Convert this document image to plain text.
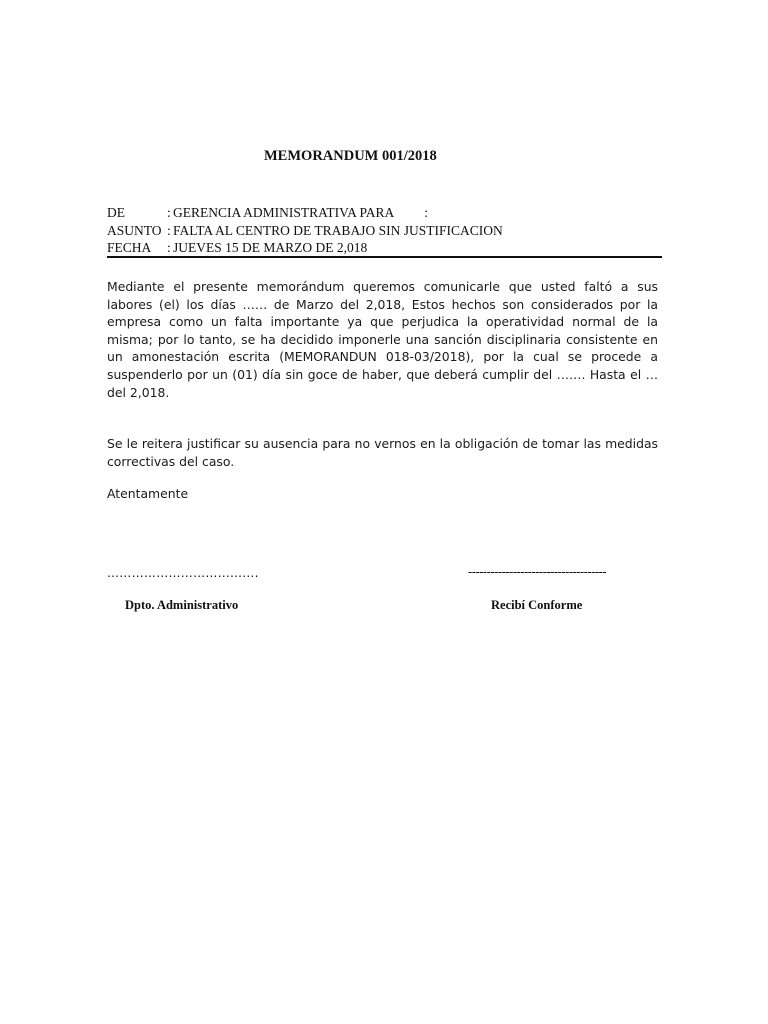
MEMORANDUM 001/2018
DE	: GERENCIA ADMINISTRATIVA PARA :
ASUNTO : FALTA AL CENTRO DE TRABAJO SIN JUSTIFICACION
FECHA	: JUEVES 15 DE MARZO DE 2,018
Mediante el presente memorándum queremos comunicarle que usted faltó a sus labores (el) los días …… de Marzo del 2,018, Estos hechos son considerados por la empresa como un falta importante ya que perjudica la operatividad normal de la misma; por lo tanto, se ha decidido imponerle una sanción disciplinaria consistente en un amonestación escrita (MEMORANDUN 018-03/2018), por la cual se procede a suspenderlo por un (01) día sin goce de haber, que deberá cumplir del ……. Hasta el …del 2,018.
Se le reitera justificar su ausencia para no vernos en la obligación de tomar las medidas correctivas del caso.
Atentamente
……………………………….	-------------------------------------
Dpto. Administrativo	Recibí Conforme
